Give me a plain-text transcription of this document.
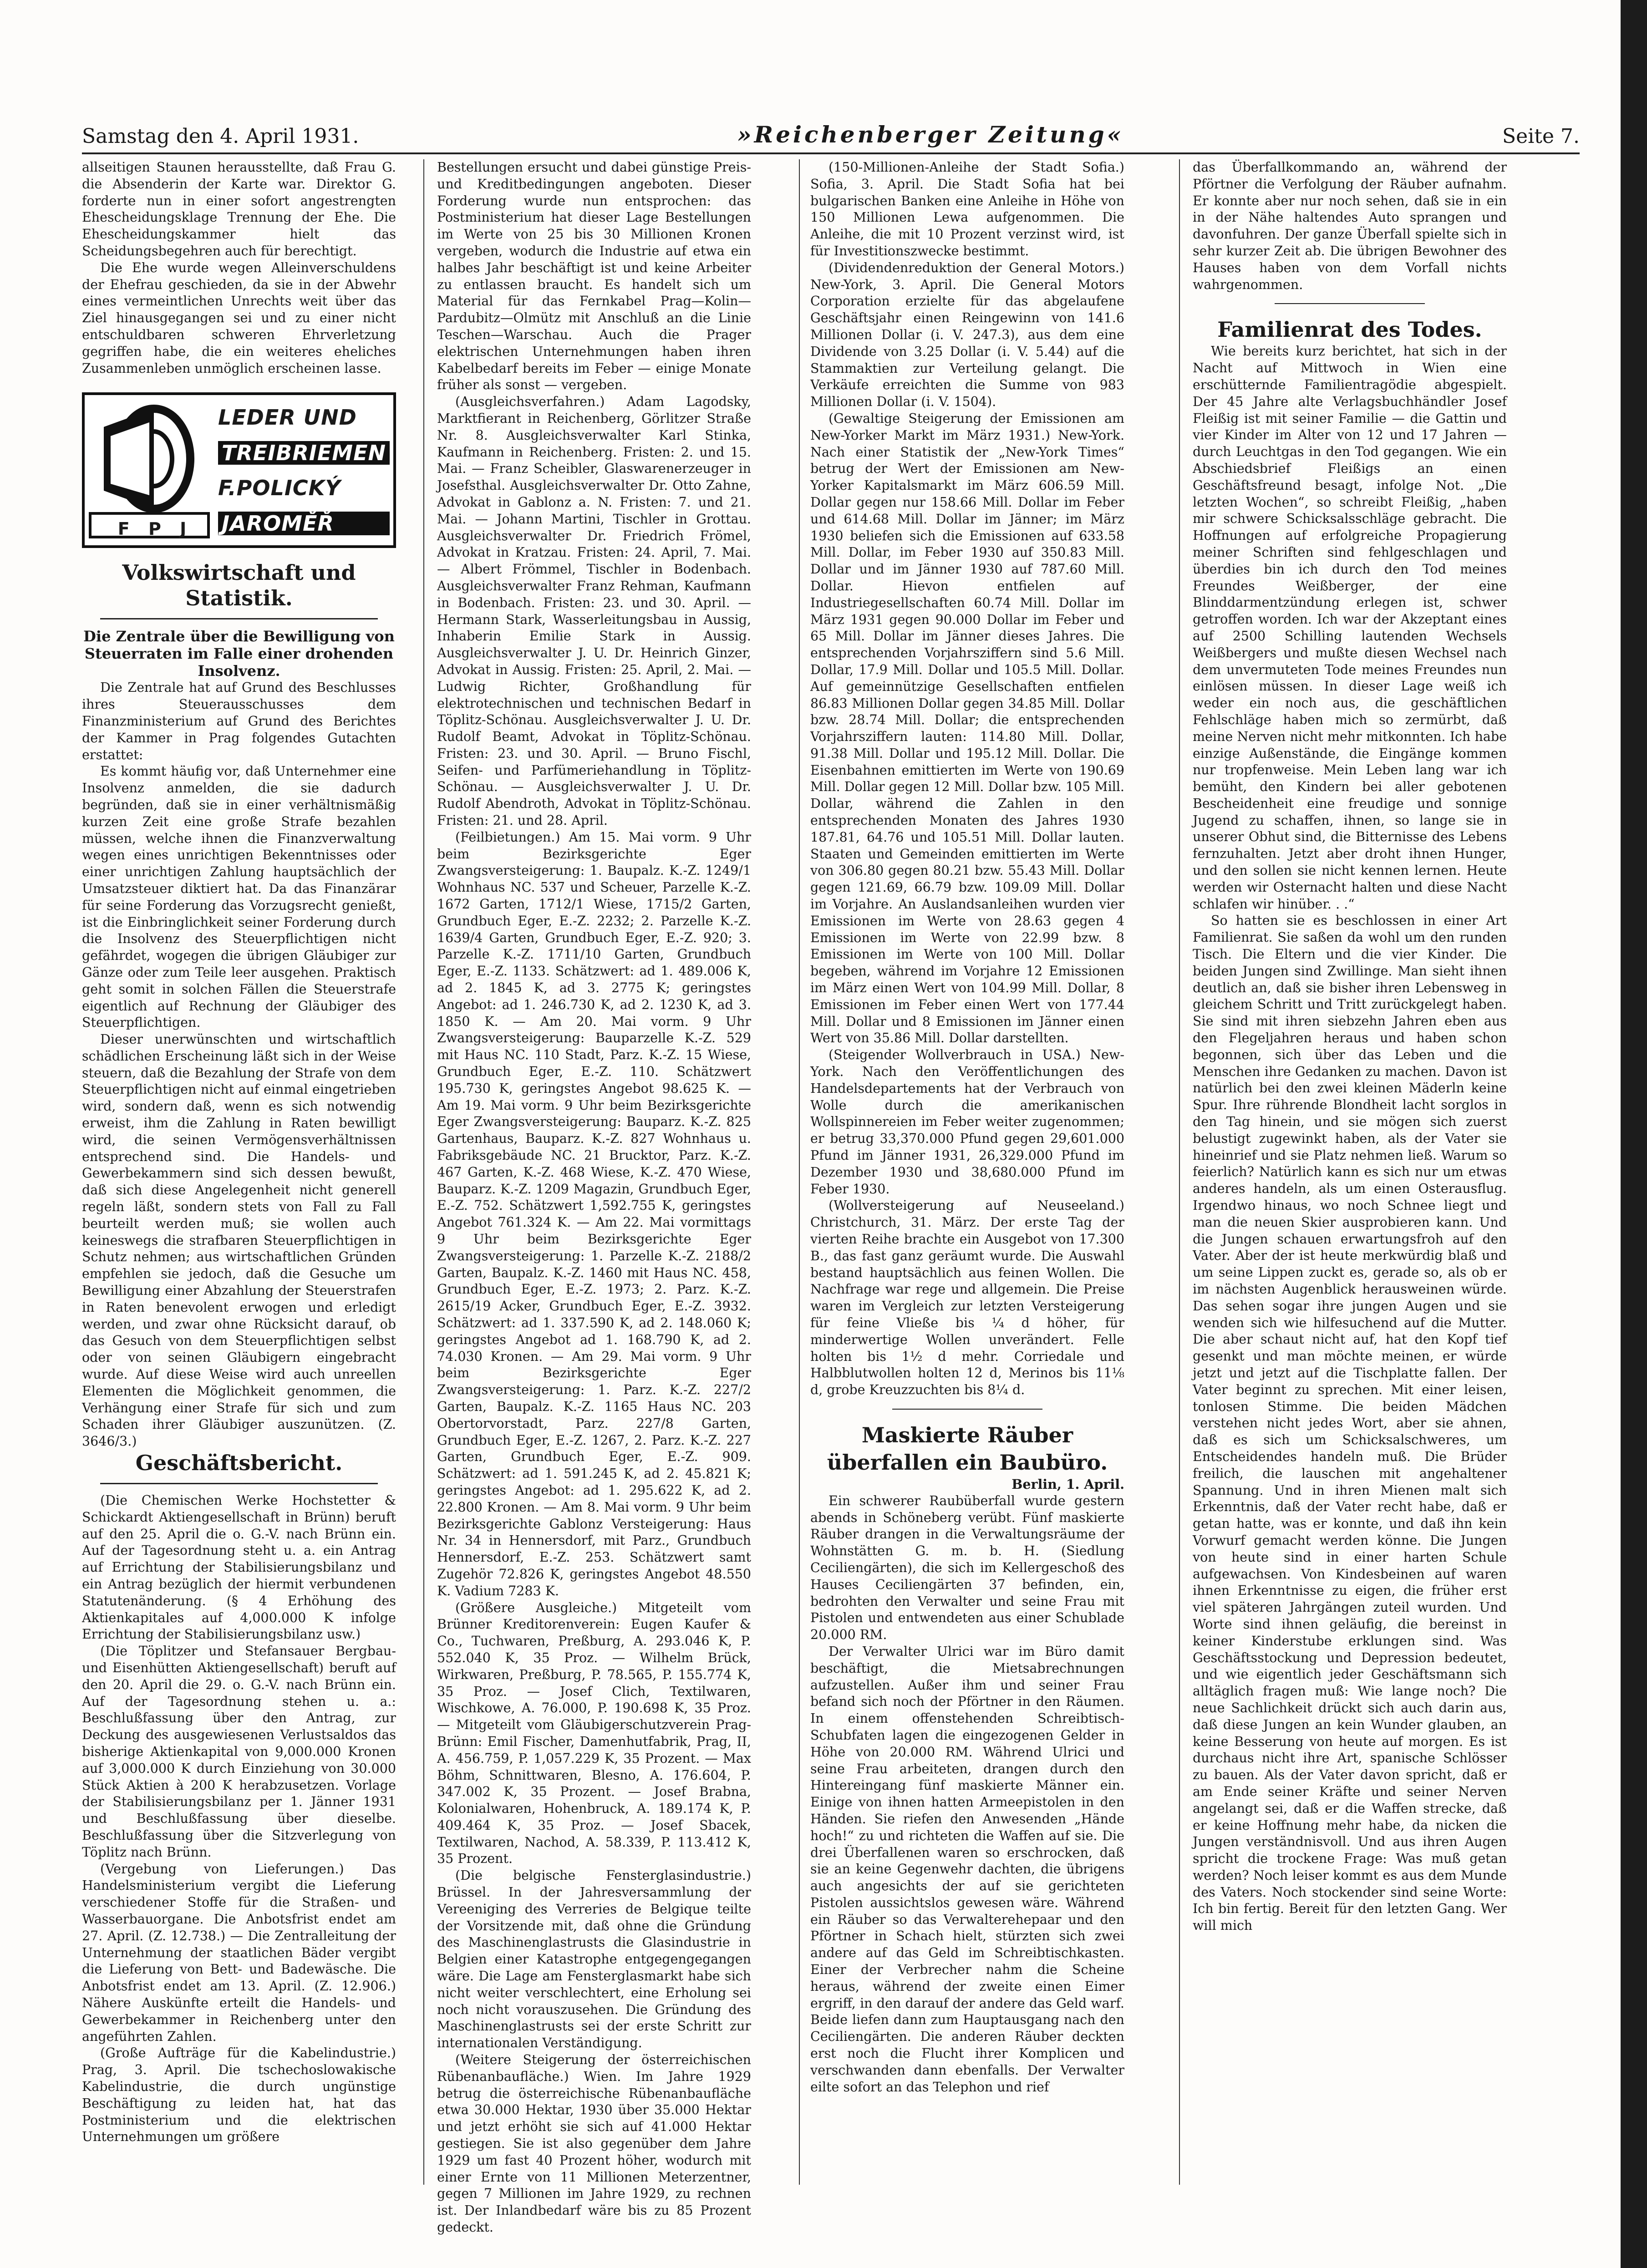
Samstag den 4. April 1931.	»Reichenberger Zeitung«	Seite 7.

allseitigen Staunen herausstellte, daß Frau G. die Absenderin der Karte war. Direktor G. forderte nun in einer sofort angestrengten Ehescheidungsklage Trennung der Ehe. Die Ehescheidungskammer hielt das Scheidungsbegehren auch für berechtigt.

Die Ehe wurde wegen Alleinverschuldens der Ehefrau geschieden, da sie in der Abwehr eines vermeintlichen Unrechts weit über das Ziel hinausgegangen sei und zu einer nicht entschuldbaren schweren Ehrverletzung gegriffen habe, die ein weiteres eheliches Zusammenleben unmöglich erscheinen lasse.

F P J
LEDER UND
TREIBRIEMEN
F.POLICKÝ
JAROMĚŘ

Volkswirtschaft und Statistik.

Die Zentrale über die Bewilligung von Steuerraten im Falle einer drohenden Insolvenz.

Die Zentrale hat auf Grund des Beschlusses ihres Steuerausschusses dem Finanzministerium auf Grund des Berichtes der Kammer in Prag folgendes Gutachten erstattet:

Es kommt häufig vor, daß Unternehmer eine Insolvenz anmelden, die sie dadurch begründen, daß sie in einer verhältnismäßig kurzen Zeit eine große Strafe bezahlen müssen, welche ihnen die Finanzverwaltung wegen eines unrichtigen Bekenntnisses oder einer unrichtigen Zahlung hauptsächlich der Umsatzsteuer diktiert hat. Da das Finanzärar für seine Forderung das Vorzugsrecht genießt, ist die Einbringlichkeit seiner Forderung durch die Insolvenz des Steuerpflichtigen nicht gefährdet, wogegen die übrigen Gläubiger zur Gänze oder zum Teile leer ausgehen. Praktisch geht somit in solchen Fällen die Steuerstrafe eigentlich auf Rechnung der Gläubiger des Steuerpflichtigen.

Dieser unerwünschten und wirtschaftlich schädlichen Erscheinung läßt sich in der Weise steuern, daß die Bezahlung der Strafe von dem Steuerpflichtigen nicht auf einmal eingetrieben wird, sondern daß, wenn es sich notwendig erweist, ihm die Zahlung in Raten bewilligt wird, die seinen Vermögensverhältnissen entsprechend sind. Die Handels- und Gewerbekammern sind sich dessen bewußt, daß sich diese Angelegenheit nicht generell regeln läßt, sondern stets von Fall zu Fall beurteilt werden muß; sie wollen auch keineswegs die strafbaren Steuerpflichtigen in Schutz nehmen; aus wirtschaftlichen Gründen empfehlen sie jedoch, daß die Gesuche um Bewilligung einer Abzahlung der Steuerstrafen in Raten benevolent erwogen und erledigt werden, und zwar ohne Rücksicht darauf, ob das Gesuch von dem Steuerpflichtigen selbst oder von seinen Gläubigern eingebracht wurde. Auf diese Weise wird auch unreellen Elementen die Möglichkeit genommen, die Verhängung einer Strafe für sich und zum Schaden ihrer Gläubiger auszunützen. (Z. 3646/3.)

Geschäftsbericht.

(Die Chemischen Werke Hochstetter & Schickardt Aktiengesellschaft in Brünn) beruft auf den 25. April die o. G.-V. nach Brünn ein. Auf der Tagesordnung steht u. a. ein Antrag auf Errichtung der Stabilisierungsbilanz und ein Antrag bezüglich der hiermit verbundenen Statutenänderung. (§ 4 Erhöhung des Aktienkapitales auf 4,000.000 K infolge Errichtung der Stabilisierungsbilanz usw.)

(Die Töplitzer und Stefansauer Bergbau- und Eisenhütten Aktiengesellschaft) beruft auf den 20. April die 29. o. G.-V. nach Brünn ein. Auf der Tagesordnung stehen u. a.: Beschlußfassung über den Antrag, zur Deckung des ausgewiesenen Verlustsaldos das bisherige Aktienkapital von 9,000.000 Kronen auf 3,000.000 K durch Einziehung von 30.000 Stück Aktien à 200 K herabzusetzen. Vorlage der Stabilisierungsbilanz per 1. Jänner 1931 und Beschlußfassung über dieselbe. Beschlußfassung über die Sitzverlegung von Töplitz nach Brünn.

(Vergebung von Lieferungen.) Das Handelsministerium vergibt die Lieferung verschiedener Stoffe für die Straßen- und Wasserbauorgane. Die Anbotsfrist endet am 27. April. (Z. 12.738.) — Die Zentralleitung der Unternehmung der staatlichen Bäder vergibt die Lieferung von Bett- und Badewäsche. Die Anbotsfrist endet am 13. April. (Z. 12.906.) Nähere Auskünfte erteilt die Handels- und Gewerbekammer in Reichenberg unter den angeführten Zahlen.

(Große Aufträge für die Kabelindustrie.) Prag, 3. April. Die tschechoslowakische Kabelindustrie, die durch ungünstige Beschäftigung zu leiden hat, hat das Postministerium und die elektrischen Unternehmungen um größere

Bestellungen ersucht und dabei günstige Preis- und Kreditbedingungen angeboten. Dieser Forderung wurde nun entsprochen: das Postministerium hat dieser Lage Bestellungen im Werte von 25 bis 30 Millionen Kronen vergeben, wodurch die Industrie auf etwa ein halbes Jahr beschäftigt ist und keine Arbeiter zu entlassen braucht. Es handelt sich um Material für das Fernkabel Prag—Kolin—Pardubitz—Olmütz mit Anschluß an die Linie Teschen—Warschau. Auch die Prager elektrischen Unternehmungen haben ihren Kabelbedarf bereits im Feber — einige Monate früher als sonst — vergeben.

(Ausgleichsverfahren.) Adam Lagodsky, Marktfierant in Reichenberg, Görlitzer Straße Nr. 8. Ausgleichsverwalter Karl Stinka, Kaufmann in Reichenberg. Fristen: 2. und 15. Mai. — Franz Scheibler, Glaswarenerzeuger in Josefsthal. Ausgleichsverwalter Dr. Otto Zahne, Advokat in Gablonz a. N. Fristen: 7. und 21. Mai. — Johann Martini, Tischler in Grottau. Ausgleichsverwalter Dr. Friedrich Frömel, Advokat in Kratzau. Fristen: 24. April, 7. Mai. — Albert Frömmel, Tischler in Bodenbach. Ausgleichsverwalter Franz Rehman, Kaufmann in Bodenbach. Fristen: 23. und 30. April. — Hermann Stark, Wasserleitungsbau in Aussig, Inhaberin Emilie Stark in Aussig. Ausgleichsverwalter J. U. Dr. Heinrich Ginzer, Advokat in Aussig. Fristen: 25. April, 2. Mai. — Ludwig Richter, Großhandlung für elektrotechnischen und technischen Bedarf in Töplitz-Schönau. Ausgleichsverwalter J. U. Dr. Rudolf Beamt, Advokat in Töplitz-Schönau. Fristen: 23. und 30. April. — Bruno Fischl, Seifen- und Parfümeriehandlung in Töplitz-Schönau. — Ausgleichsverwalter J. U. Dr. Rudolf Abendroth, Advokat in Töplitz-Schönau. Fristen: 21. und 28. April.

(Feilbietungen.) Am 15. Mai vorm. 9 Uhr beim Bezirksgerichte Eger Zwangsversteigerung: 1. Baupalz. K.-Z. 1249/1 Wohnhaus NC. 537 und Scheuer, Parzelle K.-Z. 1672 Garten, 1712/1 Wiese, 1715/2 Garten, Grundbuch Eger, E.-Z. 2232; 2. Parzelle K.-Z. 1639/4 Garten, Grundbuch Eger, E.-Z. 920; 3. Parzelle K.-Z. 1711/10 Garten, Grundbuch Eger, E.-Z. 1133. Schätzwert: ad 1. 489.006 K, ad 2. 1845 K, ad 3. 2775 K; geringstes Angebot: ad 1. 246.730 K, ad 2. 1230 K, ad 3. 1850 K. — Am 20. Mai vorm. 9 Uhr Zwangsversteigerung: Bauparzelle K.-Z. 529 mit Haus NC. 110 Stadt, Parz. K.-Z. 15 Wiese, Grundbuch Eger, E.-Z. 110. Schätzwert 195.730 K, geringstes Angebot 98.625 K. — Am 19. Mai vorm. 9 Uhr beim Bezirksgerichte Eger Zwangsversteigerung: Bauparz. K.-Z. 825 Gartenhaus, Bauparz. K.-Z. 827 Wohnhaus u. Fabriksgebäude NC. 21 Brucktor, Parz. K.-Z. 467 Garten, K.-Z. 468 Wiese, K.-Z. 470 Wiese, Bauparz. K.-Z. 1209 Magazin, Grundbuch Eger, E.-Z. 752. Schätzwert 1,592.755 K, geringstes Angebot 761.324 K. — Am 22. Mai vormittags 9 Uhr beim Bezirksgerichte Eger Zwangsversteigerung: 1. Parzelle K.-Z. 2188/2 Garten, Baupalz. K.-Z. 1460 mit Haus NC. 458, Grundbuch Eger, E.-Z. 1973; 2. Parz. K.-Z. 2615/19 Acker, Grundbuch Eger, E.-Z. 3932. Schätzwert: ad 1. 337.590 K, ad 2. 148.060 K; geringstes Angebot ad 1. 168.790 K, ad 2. 74.030 Kronen. — Am 29. Mai vorm. 9 Uhr beim Bezirksgerichte Eger Zwangsversteigerung: 1. Parz. K.-Z. 227/2 Garten, Baupalz. K.-Z. 1165 Haus NC. 203 Obertorvorstadt, Parz. 227/8 Garten, Grundbuch Eger, E.-Z. 1267, 2. Parz. K.-Z. 227 Garten, Grundbuch Eger, E.-Z. 909. Schätzwert: ad 1. 591.245 K, ad 2. 45.821 K; geringstes Angebot: ad 1. 295.622 K, ad 2. 22.800 Kronen. — Am 8. Mai vorm. 9 Uhr beim Bezirksgerichte Gablonz Versteigerung: Haus Nr. 34 in Hennersdorf, mit Parz., Grundbuch Hennersdorf, E.-Z. 253. Schätzwert samt Zugehör 72.826 K, geringstes Angebot 48.550 K. Vadium 7283 K.

(Größere Ausgleiche.) Mitgeteilt vom Brünner Kreditorenverein: Eugen Kaufer & Co., Tuchwaren, Preßburg, A. 293.046 K, P. 552.040 K, 35 Proz. — Wilhelm Brück, Wirkwaren, Preßburg, P. 78.565, P. 155.774 K, 35 Proz. — Josef Clich, Textilwaren, Wischkowe, A. 76.000, P. 190.698 K, 35 Proz. — Mitgeteilt vom Gläubigerschutzverein Prag-Brünn: Emil Fischer, Damenhutfabrik, Prag, II, A. 456.759, P. 1,057.229 K, 35 Prozent. — Max Böhm, Schnittwaren, Blesno, A. 176.604, P. 347.002 K, 35 Prozent. — Josef Brabna, Kolonialwaren, Hohenbruck, A. 189.174 K, P. 409.464 K, 35 Proz. — Josef Sbacek, Textilwaren, Nachod, A. 58.339, P. 113.412 K, 35 Prozent.

(Die belgische Fensterglasindustrie.) Brüssel. In der Jahresversammlung der Vereeniging des Verreries de Belgique teilte der Vorsitzende mit, daß ohne die Gründung des Maschinenglastrusts die Glasindustrie in Belgien einer Katastrophe entgegengegangen wäre. Die Lage am Fensterglasmarkt habe sich nicht weiter verschlechtert, eine Erholung sei noch nicht vorauszusehen. Die Gründung des Maschinenglastrusts sei der erste Schritt zur internationalen Verständigung.

(Weitere Steigerung der österreichischen Rübenanbaufläche.) Wien. Im Jahre 1929 betrug die österreichische Rübenanbaufläche etwa 30.000 Hektar, 1930 über 35.000 Hektar und jetzt erhöht sie sich auf 41.000 Hektar gestiegen. Sie ist also gegenüber dem Jahre 1929 um fast 40 Prozent höher, wodurch mit einer Ernte von 11 Millionen Meterzentner, gegen 7 Millionen im Jahre 1929, zu rechnen ist. Der Inlandbedarf wäre bis zu 85 Prozent gedeckt.

(150-Millionen-Anleihe der Stadt Sofia.) Sofia, 3. April. Die Stadt Sofia hat bei bulgarischen Banken eine Anleihe in Höhe von 150 Millionen Lewa aufgenommen. Die Anleihe, die mit 10 Prozent verzinst wird, ist für Investitionszwecke bestimmt.

(Dividendenreduktion der General Motors.) New-York, 3. April. Die General Motors Corporation erzielte für das abgelaufene Geschäftsjahr einen Reingewinn von 141.6 Millionen Dollar (i. V. 247.3), aus dem eine Dividende von 3.25 Dollar (i. V. 5.44) auf die Stammaktien zur Verteilung gelangt. Die Verkäufe erreichten die Summe von 983 Millionen Dollar (i. V. 1504).

(Gewaltige Steigerung der Emissionen am New-Yorker Markt im März 1931.) New-York. Nach einer Statistik der „New-York Times“ betrug der Wert der Emissionen am New-Yorker Kapitalsmarkt im März 606.59 Mill. Dollar gegen nur 158.66 Mill. Dollar im Feber und 614.68 Mill. Dollar im Jänner; im März 1930 beliefen sich die Emissionen auf 633.58 Mill. Dollar, im Feber 1930 auf 350.83 Mill. Dollar und im Jänner 1930 auf 787.60 Mill. Dollar. Hievon entfielen auf Industriegesellschaften 60.74 Mill. Dollar im März 1931 gegen 90.000 Dollar im Feber und 65 Mill. Dollar im Jänner dieses Jahres. Die entsprechenden Vorjahrsziffern sind 5.6 Mill. Dollar, 17.9 Mill. Dollar und 105.5 Mill. Dollar. Auf gemeinnützige Gesellschaften entfielen 86.83 Millionen Dollar gegen 34.85 Mill. Dollar bzw. 28.74 Mill. Dollar; die entsprechenden Vorjahrsziffern lauten: 114.80 Mill. Dollar, 91.38 Mill. Dollar und 195.12 Mill. Dollar. Die Eisenbahnen emittierten im Werte von 190.69 Mill. Dollar gegen 12 Mill. Dollar bzw. 105 Mill. Dollar, während die Zahlen in den entsprechenden Monaten des Jahres 1930 187.81, 64.76 und 105.51 Mill. Dollar lauten. Staaten und Gemeinden emittierten im Werte von 306.80 gegen 80.21 bzw. 55.43 Mill. Dollar gegen 121.69, 66.79 bzw. 109.09 Mill. Dollar im Vorjahre. An Auslandsanleihen wurden vier Emissionen im Werte von 28.63 gegen 4 Emissionen im Werte von 22.99 bzw. 8 Emissionen im Werte von 100 Mill. Dollar begeben, während im Vorjahre 12 Emissionen im März einen Wert von 104.99 Mill. Dollar, 8 Emissionen im Feber einen Wert von 177.44 Mill. Dollar und 8 Emissionen im Jänner einen Wert von 35.86 Mill. Dollar darstellten.

(Steigender Wollverbrauch in USA.) New-York. Nach den Veröffentlichungen des Handelsdepartements hat der Verbrauch von Wolle durch die amerikanischen Wollspinnereien im Feber weiter zugenommen; er betrug 33,370.000 Pfund gegen 29,601.000 Pfund im Jänner 1931, 26,329.000 Pfund im Dezember 1930 und 38,680.000 Pfund im Feber 1930.

(Wollversteigerung auf Neuseeland.) Christchurch, 31. März. Der erste Tag der vierten Reihe brachte ein Ausgebot von 17.300 B., das fast ganz geräumt wurde. Die Auswahl bestand hauptsächlich aus feinen Wollen. Die Nachfrage war rege und allgemein. Die Preise waren im Vergleich zur letzten Versteigerung für feine Vließe bis ¼ d höher, für minderwertige Wollen unverändert. Felle holten bis 1½ d mehr. Corriedale und Halbblutwollen holten 12 d, Merinos bis 11⅛ d, grobe Kreuzzuchten bis 8¼ d.

Maskierte Räuber überfallen ein Baubüro.

Berlin, 1. April.

Ein schwerer Raubüberfall wurde gestern abends in Schöneberg verübt. Fünf maskierte Räuber drangen in die Verwaltungsräume der Wohnstätten G. m. b. H. (Siedlung Ceciliengärten), die sich im Kellergeschoß des Hauses Ceciliengärten 37 befinden, ein, bedrohten den Verwalter und seine Frau mit Pistolen und entwendeten aus einer Schublade 20.000 RM.

Der Verwalter Ulrici war im Büro damit beschäftigt, die Mietsabrechnungen aufzustellen. Außer ihm und seiner Frau befand sich noch der Pförtner in den Räumen. In einem offenstehenden Schreibtisch-Schubfaten lagen die eingezogenen Gelder in Höhe von 20.000 RM. Während Ulrici und seine Frau arbeiteten, drangen durch den Hintereingang fünf maskierte Männer ein. Einige von ihnen hatten Armeepistolen in den Händen. Sie riefen den Anwesenden „Hände hoch!“ zu und richteten die Waffen auf sie. Die drei Überfallenen waren so erschrocken, daß sie an keine Gegenwehr dachten, die übrigens auch angesichts der auf sie gerichteten Pistolen aussichtslos gewesen wäre. Während ein Räuber so das Verwalterehepaar und den Pförtner in Schach hielt, stürzten sich zwei andere auf das Geld im Schreibtischkasten. Einer der Verbrecher nahm die Scheine heraus, während der zweite einen Eimer ergriff, in den darauf der andere das Geld warf. Beide liefen dann zum Hauptausgang nach den Ceciliengärten. Die anderen Räuber deckten erst noch die Flucht ihrer Komplicen und verschwanden dann ebenfalls. Der Verwalter eilte sofort an das Telephon und rief

das Überfallkommando an, während der Pförtner die Verfolgung der Räuber aufnahm. Er konnte aber nur noch sehen, daß sie in ein in der Nähe haltendes Auto sprangen und davonfuhren. Der ganze Überfall spielte sich in sehr kurzer Zeit ab. Die übrigen Bewohner des Hauses haben von dem Vorfall nichts wahrgenommen.

Familienrat des Todes.

Wie bereits kurz berichtet, hat sich in der Nacht auf Mittwoch in Wien eine erschütternde Familientragödie abgespielt. Der 45 Jahre alte Verlagsbuchhändler Josef Fleißig ist mit seiner Familie — die Gattin und vier Kinder im Alter von 12 und 17 Jahren — durch Leuchtgas in den Tod gegangen. Wie ein Abschiedsbrief Fleißigs an einen Geschäftsfreund besagt, infolge Not. „Die letzten Wochen“, so schreibt Fleißig, „haben mir schwere Schicksalsschläge gebracht. Die Hoffnungen auf erfolgreiche Propagierung meiner Schriften sind fehlgeschlagen und überdies bin ich durch den Tod meines Freundes Weißberger, der eine Blinddarmentzündung erlegen ist, schwer getroffen worden. Ich war der Akzeptant eines auf 2500 Schilling lautenden Wechsels Weißbergers und mußte diesen Wechsel nach dem unvermuteten Tode meines Freundes nun einlösen müssen. In dieser Lage weiß ich weder ein noch aus, die geschäftlichen Fehlschläge haben mich so zermürbt, daß meine Nerven nicht mehr mitkonnten. Ich habe einzige Außenstände, die Eingänge kommen nur tropfenweise. Mein Leben lang war ich bemüht, den Kindern bei aller gebotenen Bescheidenheit eine freudige und sonnige Jugend zu schaffen, ihnen, so lange sie in unserer Obhut sind, die Bitternisse des Lebens fernzuhalten. Jetzt aber droht ihnen Hunger, und den sollen sie nicht kennen lernen. Heute werden wir Osternacht halten und diese Nacht schlafen wir hinüber. . .“

So hatten sie es beschlossen in einer Art Familienrat. Sie saßen da wohl um den runden Tisch. Die Eltern und die vier Kinder. Die beiden Jungen sind Zwillinge. Man sieht ihnen deutlich an, daß sie bisher ihren Lebensweg in gleichem Schritt und Tritt zurückgelegt haben. Sie sind mit ihren siebzehn Jahren eben aus den Flegeljahren heraus und haben schon begonnen, sich über das Leben und die Menschen ihre Gedanken zu machen. Davon ist natürlich bei den zwei kleinen Mäderln keine Spur. Ihre rührende Blondheit lacht sorglos in den Tag hinein, und sie mögen sich zuerst belustigt zugewinkt haben, als der Vater sie hineinrief und sie Platz nehmen ließ. Warum so feierlich? Natürlich kann es sich nur um etwas anderes handeln, als um einen Osterausflug. Irgendwo hinaus, wo noch Schnee liegt und man die neuen Skier ausprobieren kann. Und die Jungen schauen erwartungsfroh auf den Vater. Aber der ist heute merkwürdig blaß und um seine Lippen zuckt es, gerade so, als ob er im nächsten Augenblick herausweinen würde. Das sehen sogar ihre jungen Augen und sie wenden sich wie hilfesuchend auf die Mutter. Die aber schaut nicht auf, hat den Kopf tief gesenkt und man möchte meinen, er würde jetzt und jetzt auf die Tischplatte fallen. Der Vater beginnt zu sprechen. Mit einer leisen, tonlosen Stimme. Die beiden Mädchen verstehen nicht jedes Wort, aber sie ahnen, daß es sich um Schicksalschweres, um Entscheidendes handeln muß. Die Brüder freilich, die lauschen mit angehaltener Spannung. Und in ihren Mienen malt sich Erkenntnis, daß der Vater recht habe, daß er getan hatte, was er konnte, und daß ihn kein Vorwurf gemacht werden könne. Die Jungen von heute sind in einer harten Schule aufgewachsen. Von Kindesbeinen auf waren ihnen Erkenntnisse zu eigen, die früher erst viel späteren Jahrgängen zuteil wurden. Und Worte sind ihnen geläufig, die bereinst in keiner Kinderstube erklungen sind. Was Geschäftsstockung und Depression bedeutet, und wie eigentlich jeder Geschäftsmann sich alltäglich fragen muß: Wie lange noch? Die neue Sachlichkeit drückt sich auch darin aus, daß diese Jungen an kein Wunder glauben, an keine Besserung von heute auf morgen. Es ist durchaus nicht ihre Art, spanische Schlösser zu bauen. Als der Vater davon spricht, daß er am Ende seiner Kräfte und seiner Nerven angelangt sei, daß er die Waffen strecke, daß er keine Hoffnung mehr habe, da nicken die Jungen verständnisvoll. Und aus ihren Augen spricht die trockene Frage: Was muß getan werden? Noch leiser kommt es aus dem Munde des Vaters. Noch stockender sind seine Worte: Ich bin fertig. Bereit für den letzten Gang. Wer will mich
